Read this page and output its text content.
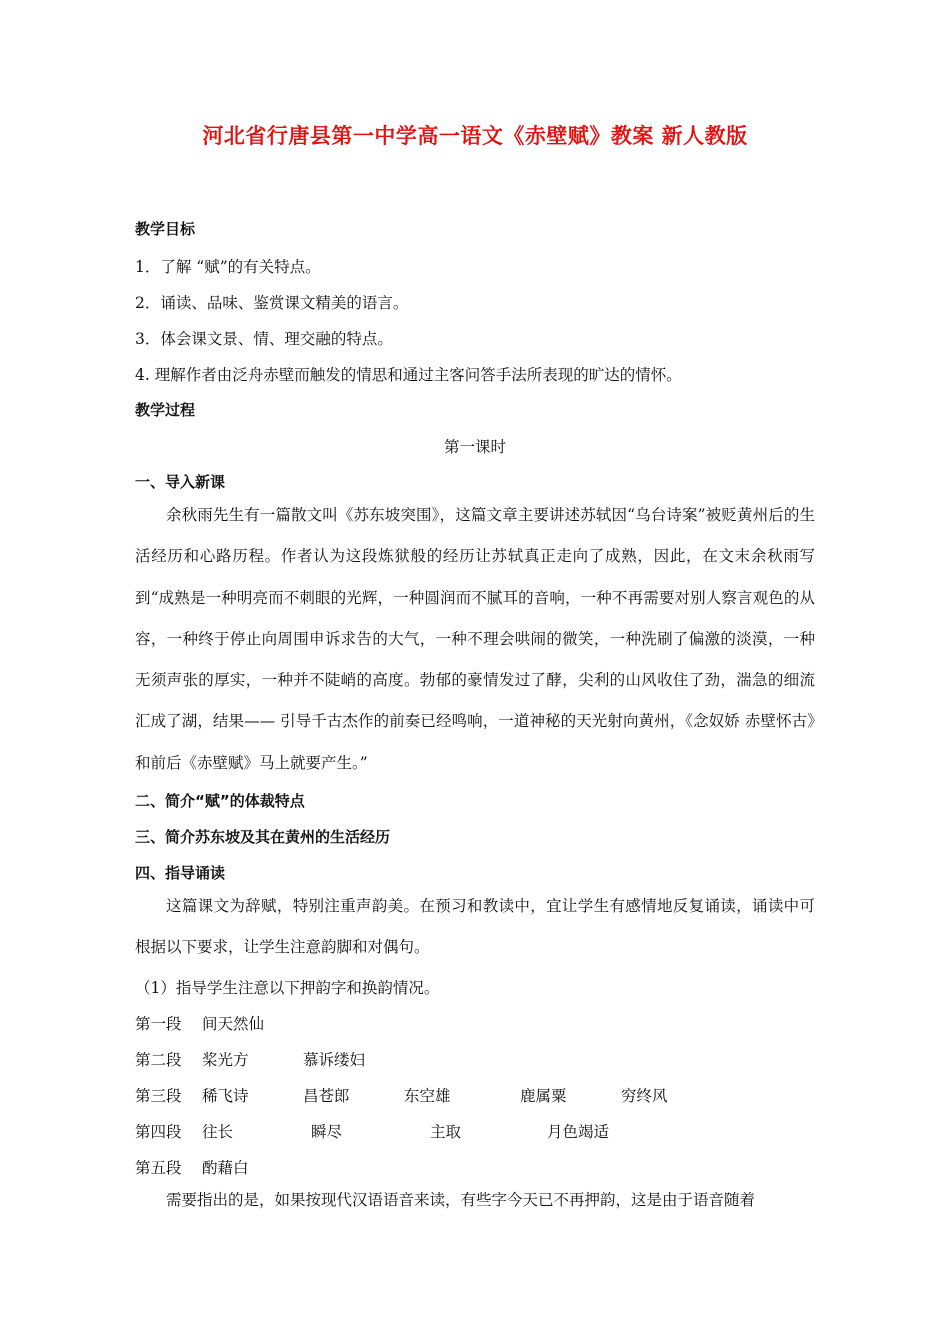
河北省行唐县第一中学高一语文《赤壁赋》教案 新人教版
教学目标
1．了解 “赋”的有关特点。
2．诵读、品味、鉴赏课文精美的语言。
3．体会课文景、情、理交融的特点。
4. 理解作者由泛舟赤壁而触发的情思和通过主客问答手法所表现的旷达的情怀。
教学过程
第一课时
一、导入新课

余秋雨先生有一篇散文叫《苏东坡突围》，这篇文章主要讲述苏轼因“乌台诗案”被贬黄州后的生活经历和心路历程。作者认为这段炼狱般的经历让苏轼真正走向了成熟，因此，在文末余秋雨写到“成熟是一种明亮而不刺眼的光辉，一种圆润而不腻耳的音响，一种不再需要对别人察言观色的从容，一种终于停止向周围申诉求告的大气，一种不理会哄闹的微笑，一种洗刷了偏激的淡漠，一种无须声张的厚实，一种并不陡峭的高度。勃郁的豪情发过了酵，尖利的山风收住了劲，湍急的细流汇成了湖，结果—— 引导千古杰作的前奏已经鸣响，一道神秘的天光射向黄州，《念奴娇 赤壁怀古》和前后《赤壁赋》马上就要产生。”

二、简介“赋”的体裁特点
三、简介苏东坡及其在黄州的生活经历
四、指导诵读

这篇课文为辞赋，特别注重声韵美。在预习和教读中，宜让学生有感情地反复诵读，诵读中可根据以下要求，让学生注意韵脚和对偶句。

（1）指导学生注意以下押韵字和换韵情况。
第一段 间天然仙
第二段 桨光方	慕诉缕妇
第三段 稀飞诗	昌苍郎	东空雄	鹿属粟	穷终风
第四段 往长	瞬尽	主取	月色竭适
第五段 酌藉白

需要指出的是，如果按现代汉语语音来读，有些字今天已不再押韵，这是由于语音随着
